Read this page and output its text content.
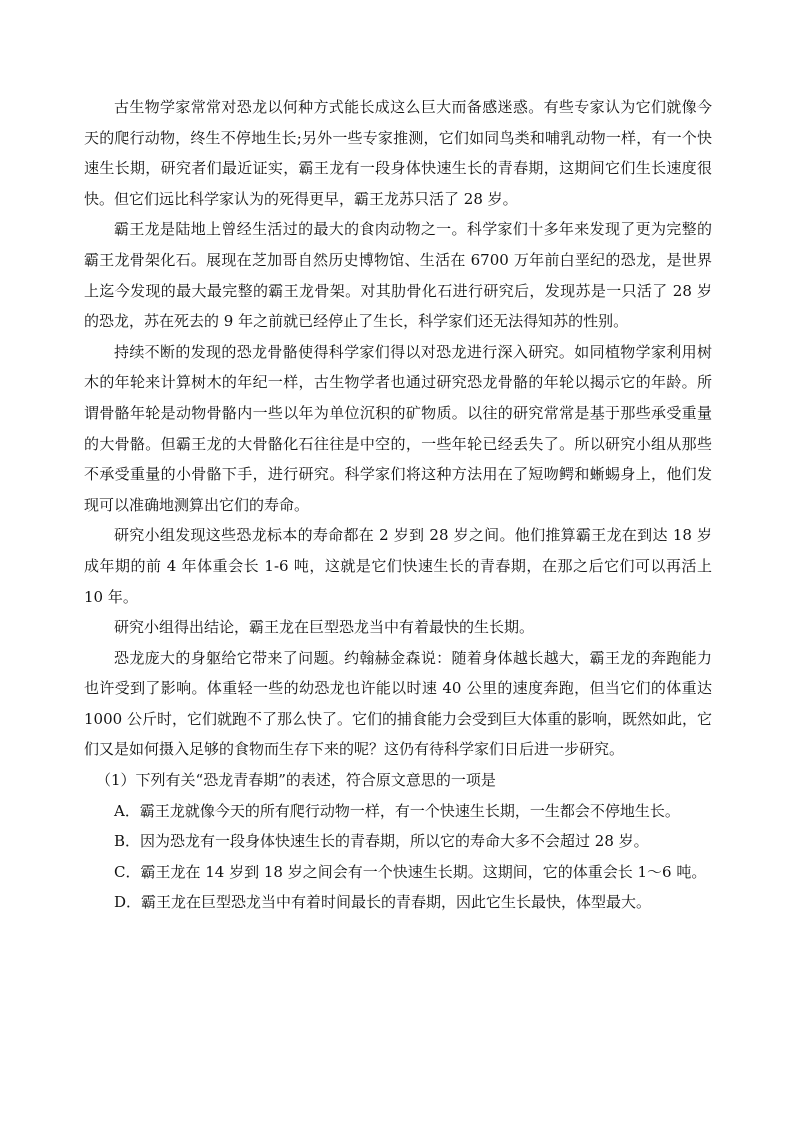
古生物学家常常对恐龙以何种方式能长成这么巨大而备感迷惑。有些专家认为它们就像今天的爬行动物，终生不停地生长;另外一些专家推测，它们如同鸟类和哺乳动物一样，有一个快速生长期，研究者们最近证实，霸王龙有一段身体快速生长的青春期，这期间它们生长速度很快。但它们远比科学家认为的死得更早，霸王龙苏只活了 28 岁。

霸王龙是陆地上曾经生活过的最大的食肉动物之一。科学家们十多年来发现了更为完整的霸王龙骨架化石。展现在芝加哥自然历史博物馆、生活在 6700 万年前白垩纪的恐龙，是世界上迄今发现的最大最完整的霸王龙骨架。对其肋骨化石进行研究后，发现苏是一只活了 28 岁的恐龙，苏在死去的 9 年之前就已经停止了生长，科学家们还无法得知苏的性别。

持续不断的发现的恐龙骨骼使得科学家们得以对恐龙进行深入研究。如同植物学家利用树木的年轮来计算树木的年纪一样，古生物学者也通过研究恐龙骨骼的年轮以揭示它的年龄。所谓骨骼年轮是动物骨骼内一些以年为单位沉积的矿物质。以往的研究常常是基于那些承受重量的大骨骼。但霸王龙的大骨骼化石往往是中空的，一些年轮已经丢失了。所以研究小组从那些不承受重量的小骨骼下手，进行研究。科学家们将这种方法用在了短吻鳄和蜥蜴身上，他们发现可以准确地测算出它们的寿命。

研究小组发现这些恐龙标本的寿命都在 2 岁到 28 岁之间。他们推算霸王龙在到达 18 岁成年期的前 4 年体重会长 1-6 吨，这就是它们快速生长的青春期，在那之后它们可以再活上 10 年。

研究小组得出结论，霸王龙在巨型恐龙当中有着最快的生长期。

恐龙庞大的身躯给它带来了问题。约翰赫金森说：随着身体越长越大，霸王龙的奔跑能力也许受到了影响。体重轻一些的幼恐龙也许能以时速 40 公里的速度奔跑，但当它们的体重达 1000 公斤时，它们就跑不了那么快了。它们的捕食能力会受到巨大体重的影响，既然如此，它们又是如何摄入足够的食物而生存下来的呢？这仍有待科学家们日后进一步研究。

（1）下列有关“恐龙青春期”的表述，符合原文意思的一项是

A．霸王龙就像今天的所有爬行动物一样，有一个快速生长期，一生都会不停地生长。

B．因为恐龙有一段身体快速生长的青春期，所以它的寿命大多不会超过 28 岁。

C．霸王龙在 14 岁到 18 岁之间会有一个快速生长期。这期间，它的体重会长 1～6 吨。

D．霸王龙在巨型恐龙当中有着时间最长的青春期，因此它生长最快，体型最大。
